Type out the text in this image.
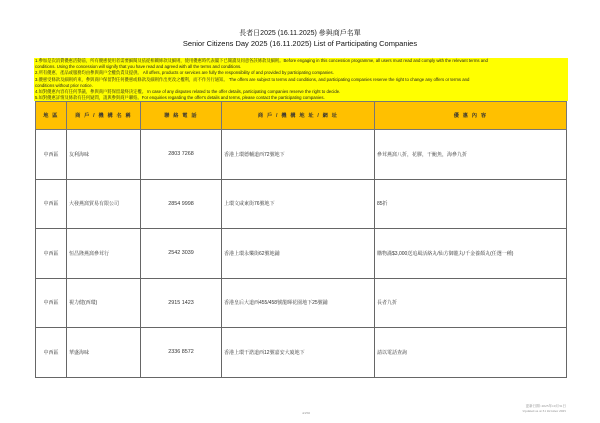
長者日2025 (16.11.2025) 參與商戶名單
Senior Citizens Day 2025 (16.11.2025) List of Participating Companies
1.參加是次消費優惠活動前，所有優惠使用者需要細閱及依從相關條款及細則，使用優惠時代表閣下已閱讀及同意各該條款及細則。Before engaging in this concession programme, all users must read and comply with the relevant terms and
conditions. Using the concession will signify that you have read and agreed with all the terms and conditions.
2.所有優惠、產品或服務均由參與商戶全權負責及提供。 All offers, products or services are fully the responsibility of and provided by participating companies.
3.優惠受條款及細則約束，參與商戶保留對任何優惠或條款及細則作出更改之權利，而不作另行通知。 The offers are subject to terms and conditions, and participating companies reserve the right to change any offers or terms and
conditions without prior notice.
4.如對優惠內容有任何爭議，參與商戶將保留最終決定權。 In case of any disputes related to the offer details, participating companies reserve the right to decide.
5.如對優惠詳情及條款有任何疑問，請與參與商戶聯絡。For enquiries regarding the offer's details and terms, please contact the participating companies.
地 區	商 戶 / 機 構 名 稱	聯 絡 電 話	商 戶 / 機 構 地 址 / 網 址	優 惠 內 容
中西區	友利海味	2803 7268	香港上環德輔道西72號地下	參茸燕窩八折，花膠，干鮑魚，海參九折
中西區	大發燕窩貿易有限公司	2854 9998	上環文咸東街76號地下	85折
中西區	恒昌隆燕窩參茸行	2542 3039	香港上環永樂街62號地鋪	購物滿$3,000送追風活絡丸/仙方御龍丸/千金養顏丸(任選一種)
中西區	視力健(西環)	2915 1423	香港皇后大道西455/458號龍暉花園地下25號鋪	長者九折
中西區	華盛海味	2336 8572	香港上環干諾道西12號嘉安大廈地下	請以電話查詢
4/256
更新日期: 2025年10月31日
Updated as at 31 October 2025
